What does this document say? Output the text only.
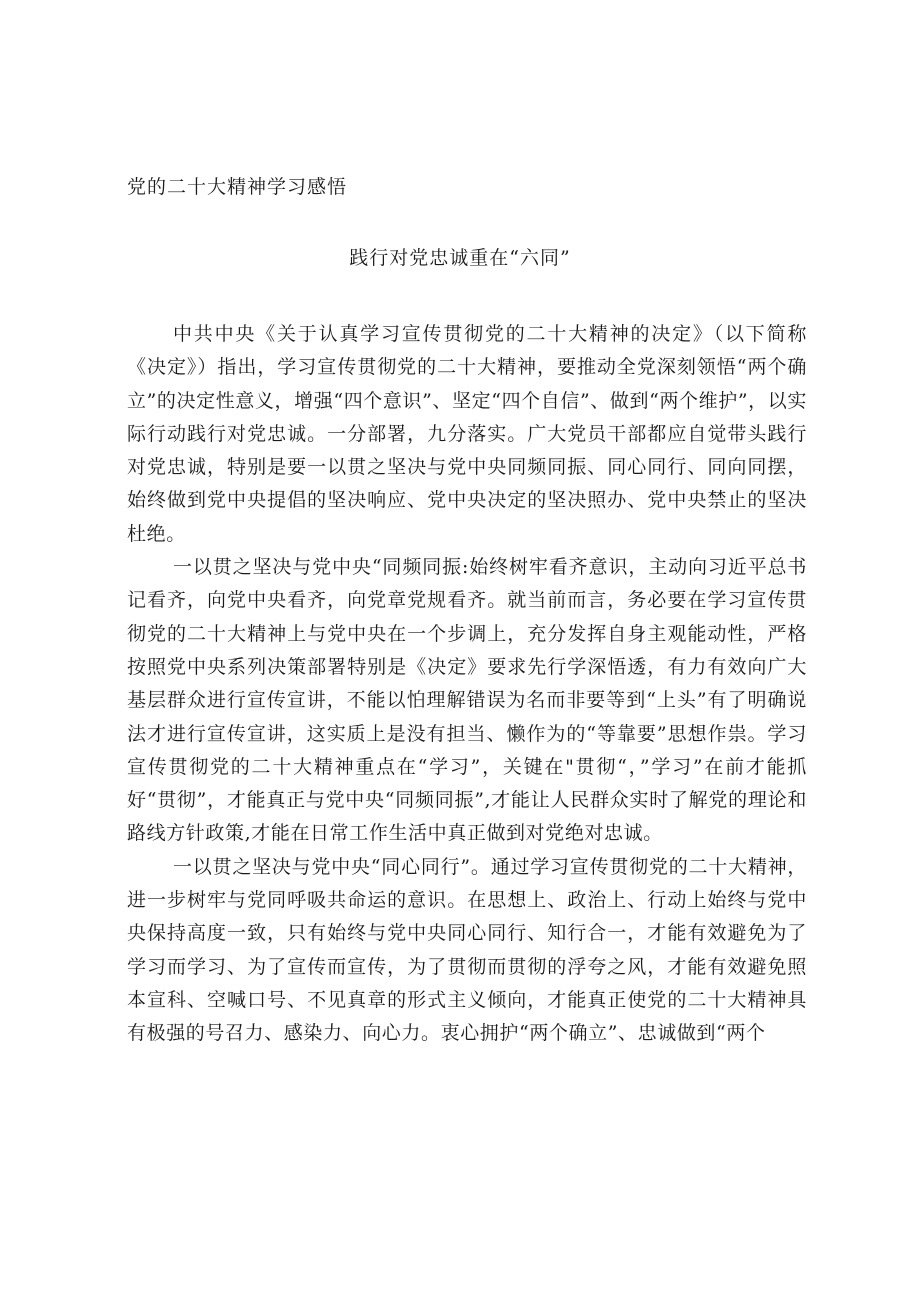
党的二十大精神学习感悟
践行对党忠诚重在“六同”

中共中央《关于认真学习宣传贯彻党的二十大精神的决定》（以下简称《决定》）指出，学习宣传贯彻党的二十大精神，要推动全党深刻领悟“两个确立”的决定性意义，增强“四个意识”、坚定“四个自信”、做到“两个维护”，以实际行动践行对党忠诚。一分部署，九分落实。广大党员干部都应自觉带头践行对党忠诚，特别是要一以贯之坚决与党中央同频同振、同心同行、同向同摆，始终做到党中央提倡的坚决响应、党中央决定的坚决照办、党中央禁止的坚决杜绝。

一以贯之坚决与党中央“同频同振:始终树牢看齐意识，主动向习近平总书记看齐，向党中央看齐，向党章党规看齐。就当前而言，务必要在学习宣传贯彻党的二十大精神上与党中央在一个步调上，充分发挥自身主观能动性，严格按照党中央系列决策部署特别是《决定》要求先行学深悟透，有力有效向广大基层群众进行宣传宣讲，不能以怕理解错误为名而非要等到“上头”有了明确说法才进行宣传宣讲，这实质上是没有担当、懒作为的“等靠要”思想作祟。学习宣传贯彻党的二十大精神重点在“学习”，关键在"贯彻“，”学习”在前才能抓好“贯彻”，才能真正与党中央“同频同振”,才能让人民群众实时了解党的理论和路线方针政策,才能在日常工作生活中真正做到对党绝对忠诚。

一以贯之坚决与党中央“同心同行”。通过学习宣传贯彻党的二十大精神，进一步树牢与党同呼吸共命运的意识。在思想上、政治上、行动上始终与党中央保持高度一致，只有始终与党中央同心同行、知行合一，才能有效避免为了学习而学习、为了宣传而宣传，为了贯彻而贯彻的浮夸之风，才能有效避免照本宣科、空喊口号、不见真章的形式主义倾向，才能真正使党的二十大精神具有极强的号召力、感染力、向心力。衷心拥护“两个确立”、忠诚做到“两个
